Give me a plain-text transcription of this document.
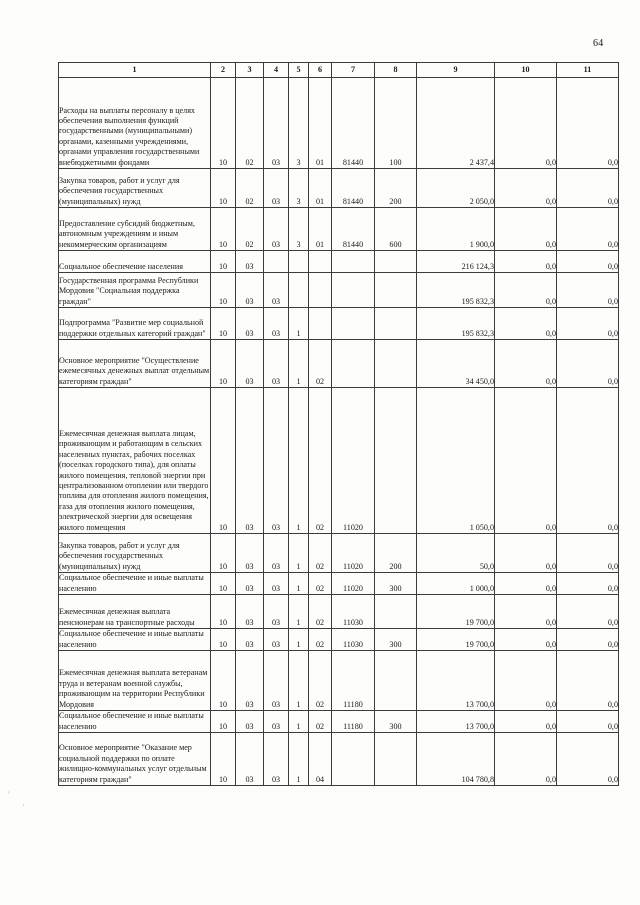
64
1	2	3	4	5	6	7	8	9	10	11

Расходы на выплаты персоналу в целях обеспечения выполнения функций государственными (муниципальными) органами, казенными учреждениями, органами управления государственными внебюджетными фондами	10	02	03	3	01	81440	100	2 437,4	0,0	0,0

Закупка товаров, работ и услуг для обеспечения государственных (муниципальных) нужд	10	02	03	3	01	81440	200	2 050,0	0,0	0,0

Предоставление субсидий бюджетным, автономным учреждениям и иным некоммерческим организациям	10	02	03	3	01	81440	600	1 900,0	0,0	0,0

Социальное обеспечение населения	10	03						216 124,3	0,0	0,0

Государственная программа Республики Мордовия "Социальная поддержка граждан"	10	03	03					195 832,3	0,0	0,0

Подпрограмма "Развитие мер социальной поддержки отдельных категорий граждан"	10	03	03	1				195 832,3	0,0	0,0

Основное мероприятие "Осуществление ежемесячных денежных выплат отдельным категориям граждан"	10	03	03	1	02			34 450,0	0,0	0,0

Ежемесячная денежная выплата лицам, проживающим и работающим в сельских населенных пунктах, рабочих поселках (поселках городского типа), для оплаты жилого помещения, тепловой энергии при централизованном отоплении или твердого топлива для отопления жилого помещения, газа для отопления жилого помещения, электрической энергии для освещения жилого помещения	10	03	03	1	02	11020		1 050,0	0,0	0,0

Закупка товаров, работ и услуг для обеспечения государственных (муниципальных) нужд	10	03	03	1	02	11020	200	50,0	0,0	0,0

Социальное обеспечение и иные выплаты населению	10	03	03	1	02	11020	300	1 000,0	0,0	0,0

Ежемесячная денежная выплата пенсионерам на транспортные расходы	10	03	03	1	02	11030		19 700,0	0,0	0,0

Социальное обеспечение и иные выплаты населению	10	03	03	1	02	11030	300	19 700,0	0,0	0,0

Ежемесячная денежная выплата ветеранам труда и ветеранам военной службы, проживающим на территории Республики Мордовия	10	03	03	1	02	11180		13 700,0	0,0	0,0

Социальное обеспечение и иные выплаты населению	10	03	03	1	02	11180	300	13 700,0	0,0	0,0

Основное мероприятие "Оказание мер социальной поддержки по оплате жилищно-коммунальных услуг отдельным категориям граждан"	10	03	03	1	04			104 780,8	0,0	0,0
'
·
